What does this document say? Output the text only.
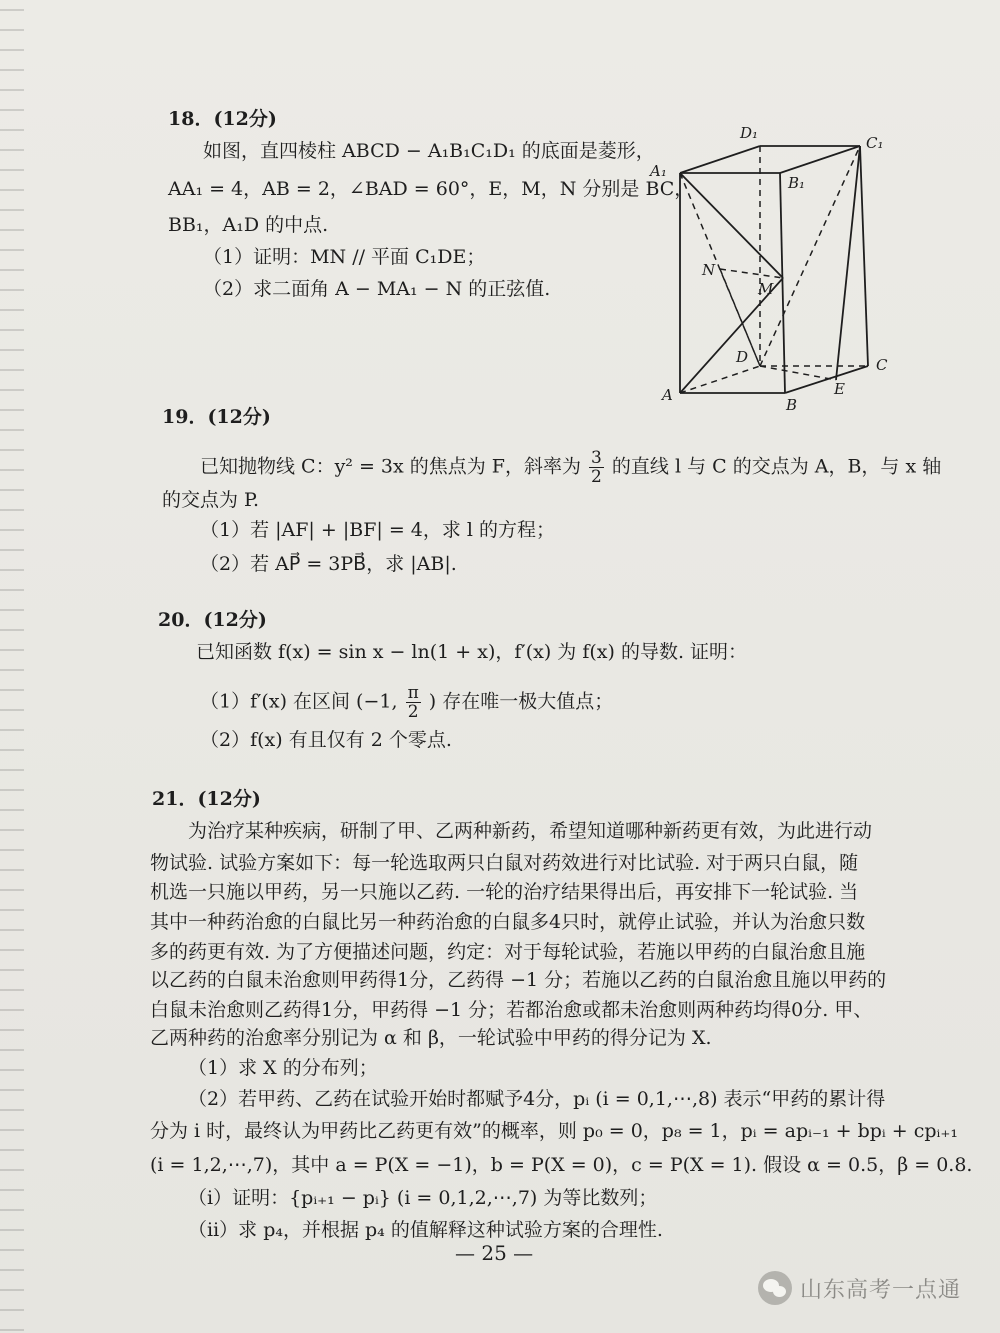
18．(12分)
如图，直四棱柱 ABCD − A₁B₁C₁D₁ 的底面是菱形，
AA₁ = 4，AB = 2，∠BAD = 60°，E，M，N 分别是 BC，
BB₁，A₁D 的中点.
（1）证明：MN // 平面 C₁DE；
（2）求二面角 A − MA₁ − N 的正弦值.
D₁
C₁
A₁
B₁
N
M
D	C
A
B
E
19．(12分)
已知抛物线 C：y² = 3x 的焦点为 F，斜率为 $\frac{3}{2}$ 的直线 l 与 C 的交点为 A，B，与 x 轴
的交点为 P.
（1）若 |AF| + |BF| = 4，求 l 的方程；
（2）若 AP⃗ = 3PB⃗，求 |AB|.
20．(12分)
已知函数 f(x) = sin x − ln(1 + x)，f′(x) 为 f(x) 的导数. 证明：
（1）f′(x) 在区间 (−1, $\frac{\pi}{2}$ ) 存在唯一极大值点；
（2）f(x) 有且仅有 2 个零点.
21．(12分)
为治疗某种疾病，研制了甲、乙两种新药，希望知道哪种新药更有效，为此进行动
物试验. 试验方案如下：每一轮选取两只白鼠对药效进行对比试验. 对于两只白鼠，随
机选一只施以甲药，另一只施以乙药. 一轮的治疗结果得出后，再安排下一轮试验. 当
其中一种药治愈的白鼠比另一种药治愈的白鼠多4只时，就停止试验，并认为治愈只数
多的药更有效. 为了方便描述问题，约定：对于每轮试验，若施以甲药的白鼠治愈且施
以乙药的白鼠未治愈则甲药得1分，乙药得 −1 分；若施以乙药的白鼠治愈且施以甲药的
白鼠未治愈则乙药得1分，甲药得 −1 分；若都治愈或都未治愈则两种药均得0分. 甲、
乙两种药的治愈率分别记为 α 和 β，一轮试验中甲药的得分记为 X.
（1）求 X 的分布列；
（2）若甲药、乙药在试验开始时都赋予4分，pᵢ (i = 0,1,⋯,8) 表示“甲药的累计得
分为 i 时，最终认为甲药比乙药更有效”的概率，则 p₀ = 0，p₈ = 1，pᵢ = apᵢ₋₁ + bpᵢ + cpᵢ₊₁
(i = 1,2,⋯,7)，其中 a = P(X = −1)，b = P(X = 0)，c = P(X = 1). 假设 α = 0.5，β = 0.8.
（ⅰ）证明：{pᵢ₊₁ − pᵢ} (i = 0,1,2,⋯,7) 为等比数列；
（ⅱ）求 p₄，并根据 p₄ 的值解释这种试验方案的合理性.
— 25 —
山东高考一点通
